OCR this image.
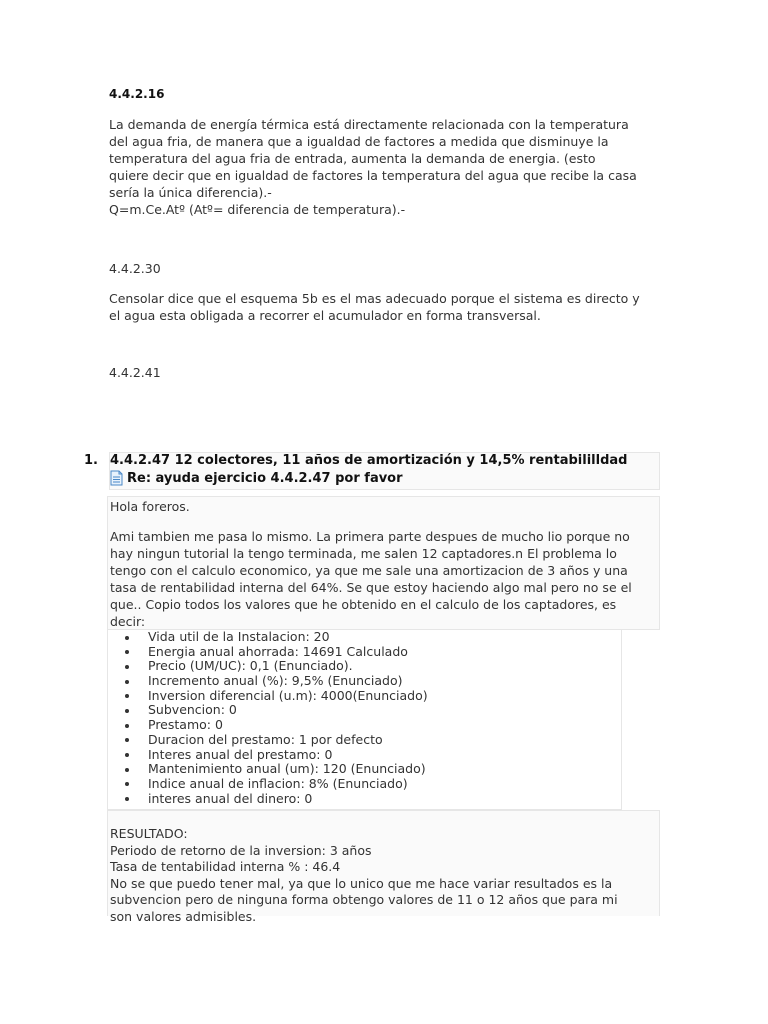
4.4.2.16
La demanda de energía térmica está directamente relacionada con la temperatura
del agua fria, de manera que a igualdad de factores a medida que disminuye la
temperatura del agua fria de entrada, aumenta la demanda de energia. (esto
quiere decir que en igualdad de factores la temperatura del agua que recibe la casa
sería la única diferencia).-
Q=m.Ce.Atº (Atº= diferencia de temperatura).-
4.4.2.30
Censolar dice que el esquema 5b es el mas adecuado porque el sistema es directo y
el agua esta obligada a recorrer el acumulador en forma transversal.
4.4.2.41
1. 4.4.2.47 12 colectores, 11 años de amortización y 14,5% rentabililldad
Re: ayuda ejercicio 4.4.2.47 por favor
Hola foreros.
Ami tambien me pasa lo mismo. La primera parte despues de mucho lio porque no
hay ningun tutorial la tengo terminada, me salen 12 captadores.n El problema lo
tengo con el calculo economico, ya que me sale una amortizacion de 3 años y una
tasa de rentabilidad interna del 64%. Se que estoy haciendo algo mal pero no se el
que.. Copio todos los valores que he obtenido en el calculo de los captadores, es
decir:
Vida util de la Instalacion: 20
Energia anual ahorrada: 14691 Calculado
Precio (UM/UC): 0,1 (Enunciado).
Incremento anual (%): 9,5% (Enunciado)
Inversion diferencial (u.m): 4000(Enunciado)
Subvencion: 0
Prestamo: 0
Duracion del prestamo: 1 por defecto
Interes anual del prestamo: 0
Mantenimiento anual (um): 120 (Enunciado)
Indice anual de inflacion: 8% (Enunciado)
interes anual del dinero: 0
RESULTADO:
Periodo de retorno de la inversion: 3 años
Tasa de tentabilidad interna % : 46.4
No se que puedo tener mal, ya que lo unico que me hace variar resultados es la
subvencion pero de ninguna forma obtengo valores de 11 o 12 años que para mi
son valores admisibles.
